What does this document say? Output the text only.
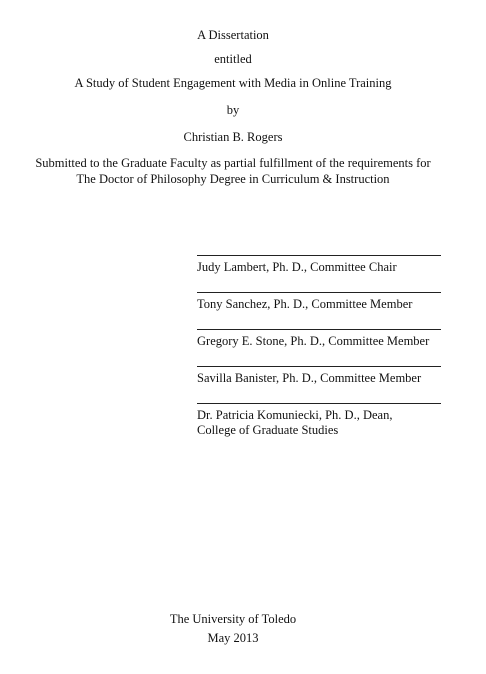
A Dissertation
entitled
A Study of Student Engagement with Media in Online Training
by
Christian B. Rogers
Submitted to the Graduate Faculty as partial fulfillment of the requirements for
The Doctor of Philosophy Degree in Curriculum & Instruction
Judy Lambert, Ph. D., Committee Chair
Tony Sanchez, Ph. D., Committee Member
Gregory E. Stone, Ph. D., Committee Member
Savilla Banister, Ph. D., Committee Member
Dr. Patricia Komuniecki, Ph. D., Dean,
College of Graduate Studies
The University of Toledo
May 2013
